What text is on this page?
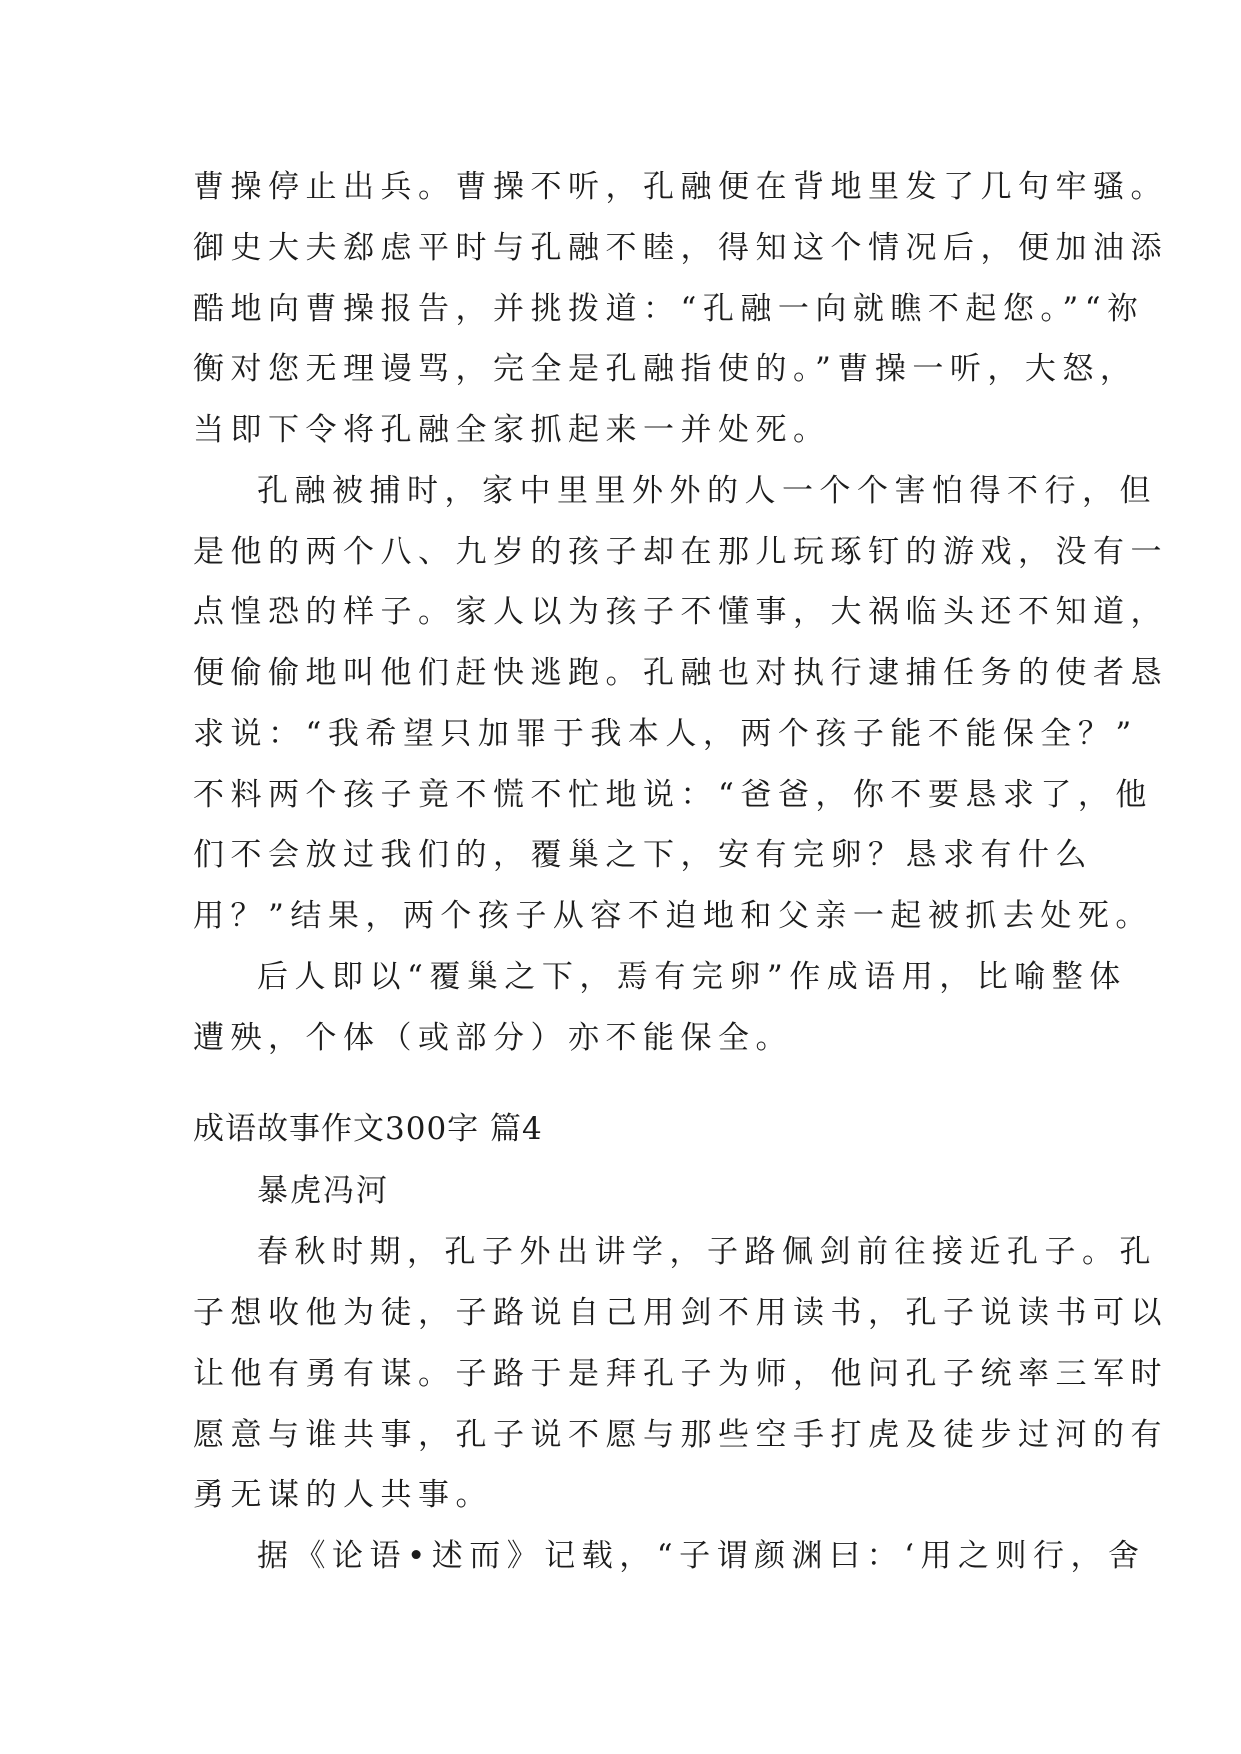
曹操停止出兵。曹操不听，孔融便在背地里发了几句牢骚。
御史大夫郄虑平时与孔融不睦，得知这个情况后，便加油添
酷地向曹操报告，并挑拨道：“孔融一向就瞧不起您。”“祢
衡对您无理谩骂，完全是孔融指使的。”曹操一听，大怒，
当即下令将孔融全家抓起来一并处死。
孔融被捕时，家中里里外外的人一个个害怕得不行，但
是他的两个八、九岁的孩子却在那儿玩琢钉的游戏，没有一
点惶恐的样子。家人以为孩子不懂事，大祸临头还不知道，
便偷偷地叫他们赶快逃跑。孔融也对执行逮捕任务的使者恳
求说：“我希望只加罪于我本人，两个孩子能不能保全？”
不料两个孩子竟不慌不忙地说：“爸爸，你不要恳求了，他
们不会放过我们的，覆巢之下，安有完卵？恳求有什么
用？”结果，两个孩子从容不迫地和父亲一起被抓去处死。
后人即以“覆巢之下，焉有完卵”作成语用，比喻整体
遭殃，个体（或部分）亦不能保全。
成语故事作文300字 篇4
暴虎冯河
春秋时期，孔子外出讲学，子路佩剑前往接近孔子。孔
子想收他为徒，子路说自己用剑不用读书，孔子说读书可以
让他有勇有谋。子路于是拜孔子为师，他问孔子统率三军时
愿意与谁共事，孔子说不愿与那些空手打虎及徒步过河的有
勇无谋的人共事。
据《论语•述而》记载，“子谓颜渊曰：‘用之则行，舍
